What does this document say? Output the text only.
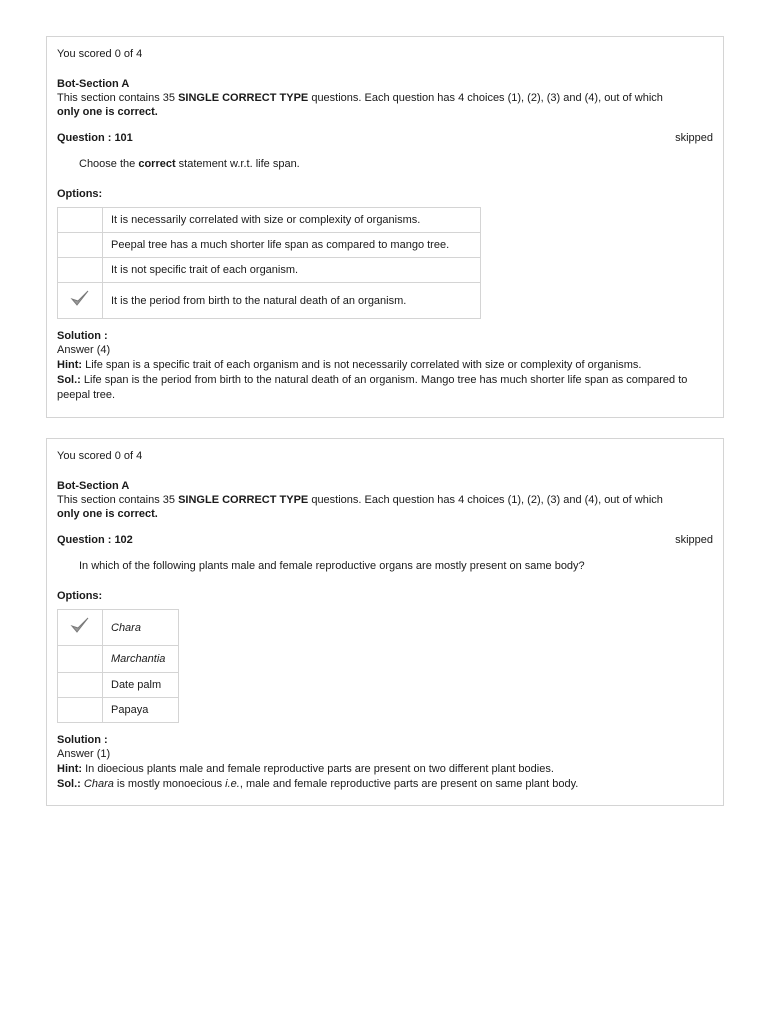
You scored 0 of 4
Bot-Section A
This section contains 35 SINGLE CORRECT TYPE questions. Each question has 4 choices (1), (2), (3) and (4), out of which
only one is correct.
Question : 101	skipped
Choose the correct statement w.r.t. life span.
Options:
	It is necessarily correlated with size or complexity of organisms.
	Peepal tree has a much shorter life span as compared to mango tree.
	It is not specific trait of each organism.
	It is the period from birth to the natural death of an organism.
Solution :
Answer (4)
Hint: Life span is a specific trait of each organism and is not necessarily correlated with size or complexity of organisms.
Sol.: Life span is the period from birth to the natural death of an organism. Mango tree has much shorter life span as compared to peepal tree.
You scored 0 of 4
Bot-Section A
This section contains 35 SINGLE CORRECT TYPE questions. Each question has 4 choices (1), (2), (3) and (4), out of which
only one is correct.
Question : 102	skipped
In which of the following plants male and female reproductive organs are mostly present on same body?
Options:
	Chara
	Marchantia
	Date palm
	Papaya
Solution :
Answer (1)
Hint: In dioecious plants male and female reproductive parts are present on two different plant bodies.
Sol.: Chara is mostly monoecious i.e., male and female reproductive parts are present on same plant body.
